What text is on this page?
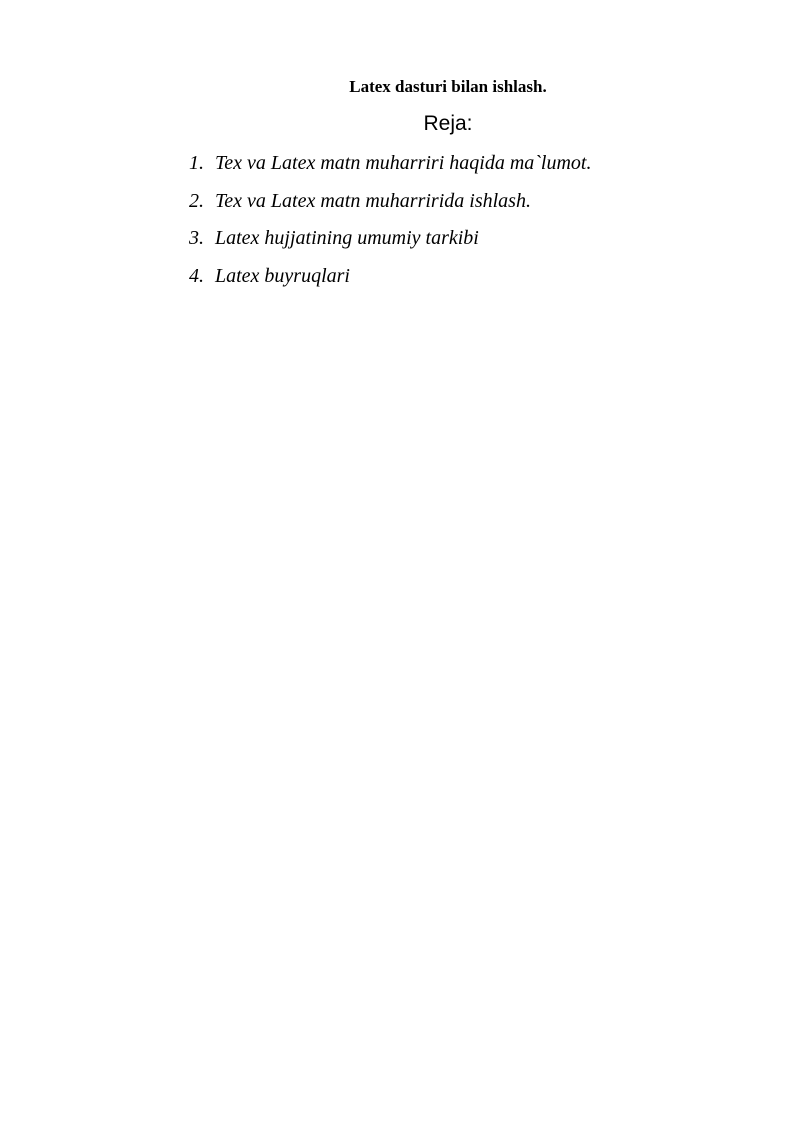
Latex dasturi bilan ishlash.
Reja:
1. Tex va Latex matn muharriri haqida ma`lumot.
2. Tex va Latex matn muharririda ishlash.
3. Latex hujjatining umumiy tarkibi
4. Latex buyruqlari
